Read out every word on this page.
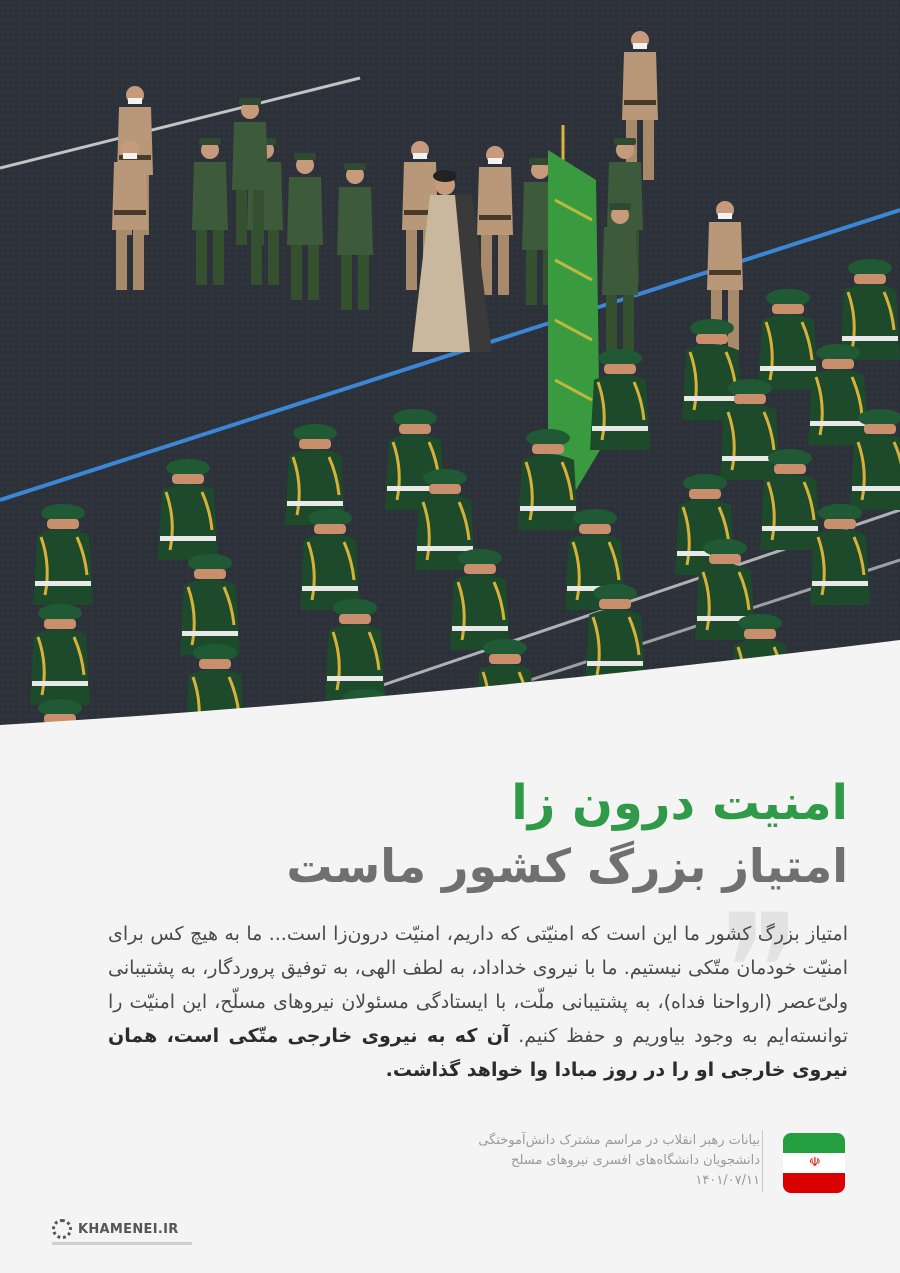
امنیت درون زا
امتیاز بزرگ کشور ماست
❞

امتیاز بزرگ کشور ما این است که امنیّتی که داریم، امنیّت درون‌زا است... ما به هیچ کس برای امنیّت خودمان متّکی نیستیم. ما با نیروی خداداد، به لطف الهی، به توفیق پروردگار، به پشتیبانی ولیّ‌عصر (ارواحنا فداه)، به پشتیبانی ملّت، با ایستادگی مسئولان نیروهای مسلّح، این امنیّت را توانسته‌ایم به وجود بیاوریم و حفظ کنیم. آن که به نیروی خارجی متّکی است، همان نیروی خارجی او را در روز مبادا وا خواهد گذاشت.

بیانات رهبر انقلاب در مراسم مشترک دانش‌آموختگی
دانشجویان دانشگاه‌های افسری نیروهای مسلح
۱۴۰۱/۰۷/۱۱
☫
KHAMENEI.IR
